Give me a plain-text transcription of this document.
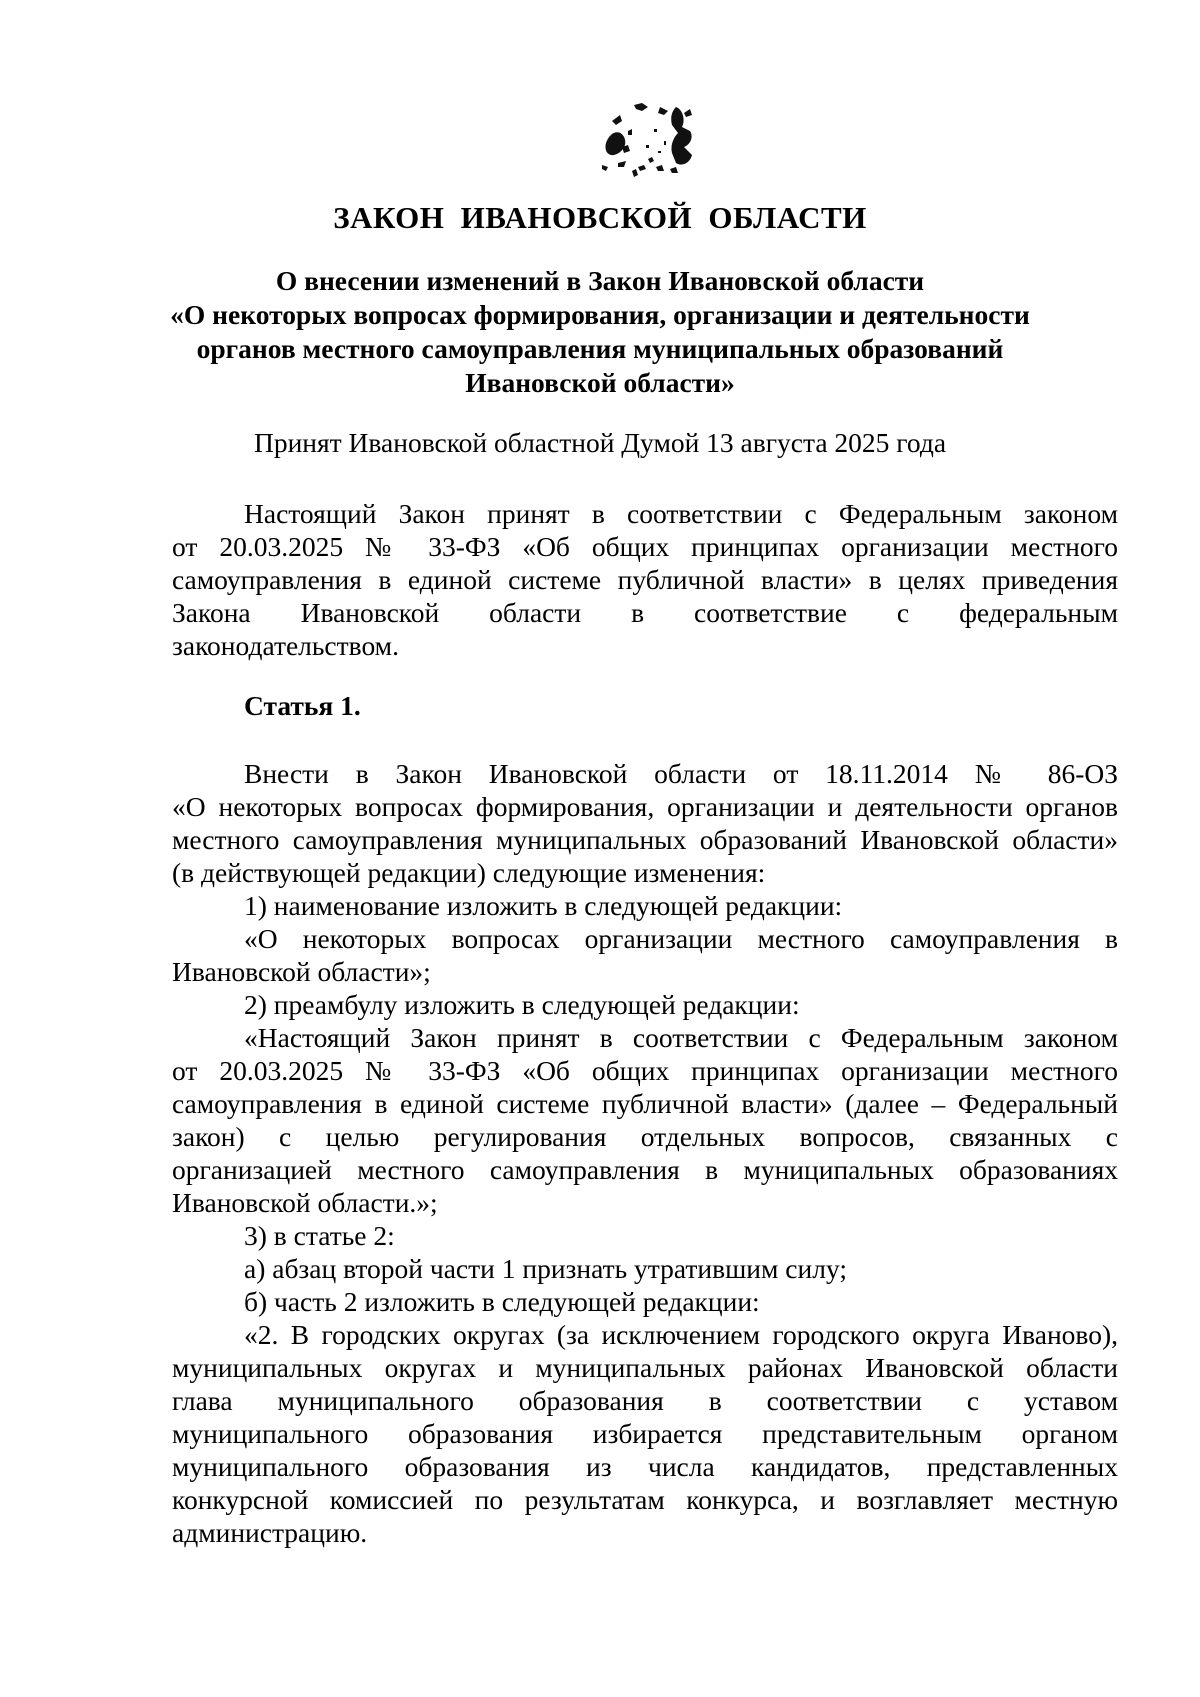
ЗАКОН ИВАНОВСКОЙ ОБЛАСТИ
О внесении изменений в Закон Ивановской области
«О некоторых вопросах формирования, организации и деятельности
органов местного самоуправления муниципальных образований
Ивановской области»
Принят Ивановской областной Думой 13 августа 2025 года
Настоящий Закон принят в соответствии с Федеральным законом
от 20.03.2025 № 33-ФЗ «Об общих принципах организации местного
самоуправления в единой системе публичной власти» в целях приведения
Закона Ивановской области в соответствие с федеральным
законодательством.
Статья 1.
Внести в Закон Ивановской области от 18.11.2014 № 86-ОЗ
«О некоторых вопросах формирования, организации и деятельности органов
местного самоуправления муниципальных образований Ивановской области»
(в действующей редакции) следующие изменения:
1) наименование изложить в следующей редакции:
«О некоторых вопросах организации местного самоуправления в
Ивановской области»;
2) преамбулу изложить в следующей редакции:
«Настоящий Закон принят в соответствии с Федеральным законом
от 20.03.2025 № 33-ФЗ «Об общих принципах организации местного
самоуправления в единой системе публичной власти» (далее – Федеральный
закон) с целью регулирования отдельных вопросов, связанных с
организацией местного самоуправления в муниципальных образованиях
Ивановской области.»;
3) в статье 2:
а) абзац второй части 1 признать утратившим силу;
б) часть 2 изложить в следующей редакции:
«2. В городских округах (за исключением городского округа Иваново),
муниципальных округах и муниципальных районах Ивановской области
глава муниципального образования в соответствии с уставом
муниципального образования избирается представительным органом
муниципального образования из числа кандидатов, представленных
конкурсной комиссией по результатам конкурса, и возглавляет местную
администрацию.
